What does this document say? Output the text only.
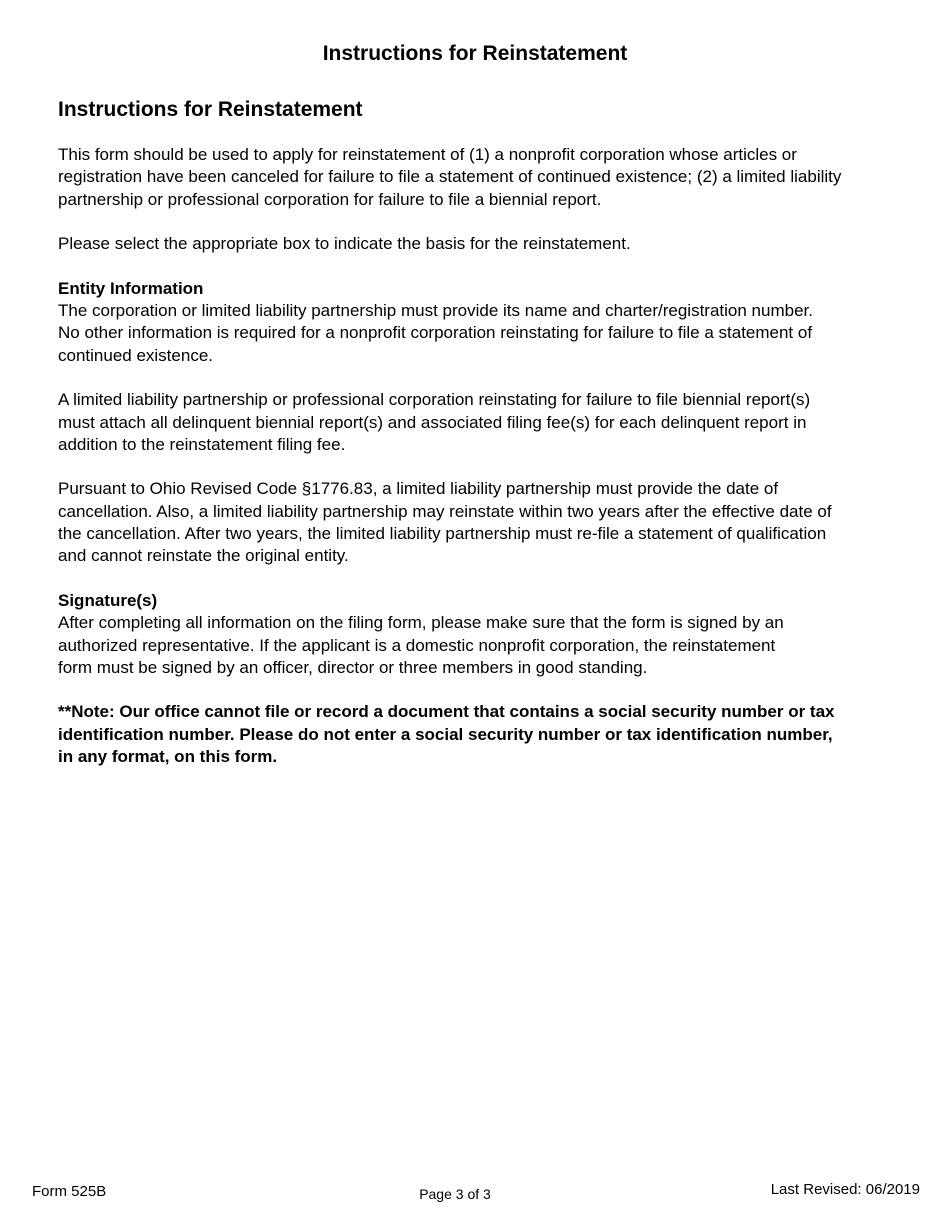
Instructions for Reinstatement
Instructions for Reinstatement

This form should be used to apply for reinstatement of (1) a nonprofit corporation whose articles or
registration have been canceled for failure to file a statement of continued existence; (2) a limited liability
partnership or professional corporation for failure to file a biennial report.

Please select the appropriate box to indicate the basis for the reinstatement.

Entity Information

The corporation or limited liability partnership must provide its name and charter/registration number.
No other information is required for a nonprofit corporation reinstating for failure to file a statement of
continued existence.

A limited liability partnership or professional corporation reinstating for failure to file biennial report(s)
must attach all delinquent biennial report(s) and associated filing fee(s) for each delinquent report in
addition to the reinstatement filing fee.

Pursuant to Ohio Revised Code §1776.83, a limited liability partnership must provide the date of
cancellation. Also, a limited liability partnership may reinstate within two years after the effective date of
the cancellation. After two years, the limited liability partnership must re-file a statement of qualification
and cannot reinstate the original entity.

Signature(s)

After completing all information on the filing form, please make sure that the form is signed by an
authorized representative. If the applicant is a domestic nonprofit corporation, the reinstatement
form must be signed by an officer, director or three members in good standing.

**Note: Our office cannot file or record a document that contains a social security number or tax
identification number. Please do not enter a social security number or tax identification number,
in any format, on this form.

Form 525B	Page 3 of 3	Last Revised: 06/2019
